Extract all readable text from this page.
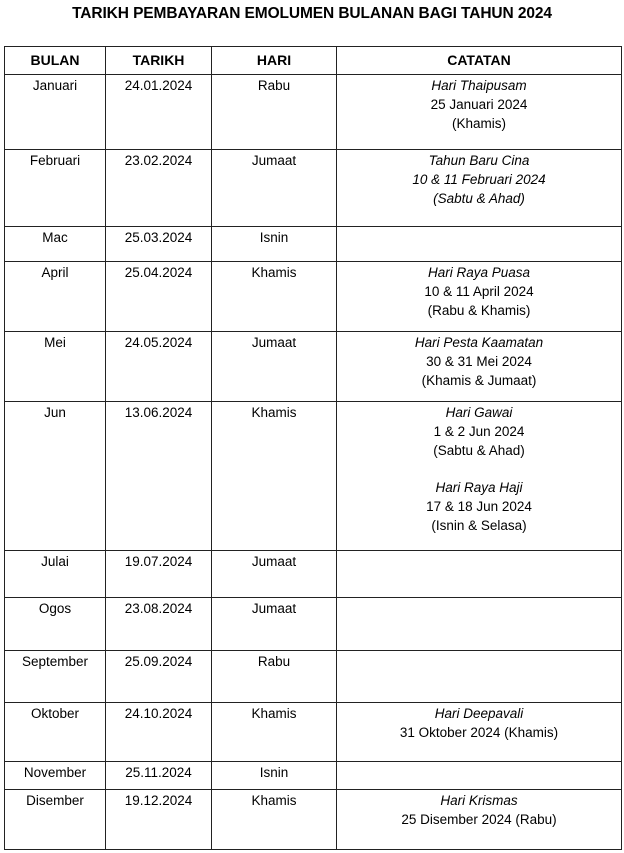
TARIKH PEMBAYARAN EMOLUMEN BULANAN BAGI TAHUN 2024
BULAN	TARIKH	HARI	CATATAN
Januari	24.01.2024	Rabu	Hari Thaipusam
25 Januari 2024
(Khamis)

Februari	23.02.2024	Jumaat	Tahun Baru Cina
10 & 11 Februari 2024
(Sabtu & Ahad)

Mac	25.03.2024	Isnin	
April	25.04.2024	Khamis	Hari Raya Puasa
10 & 11 April 2024
(Rabu & Khamis)

Mei	24.05.2024	Jumaat	Hari Pesta Kaamatan
30 & 31 Mei 2024
(Khamis & Jumaat)

Jun	13.06.2024	Khamis	Hari Gawai
1 & 2 Jun 2024
(Sabtu & Ahad)
Hari Raya Haji
17 & 18 Jun 2024
(Isnin & Selasa)

Julai	19.07.2024	Jumaat	
Ogos	23.08.2024	Jumaat	
September	25.09.2024	Rabu	
Oktober	24.10.2024	Khamis	Hari Deepavali
31 Oktober 2024 (Khamis)

November	25.11.2024	Isnin	
Disember	19.12.2024	Khamis	Hari Krismas
25 Disember 2024 (Rabu)
